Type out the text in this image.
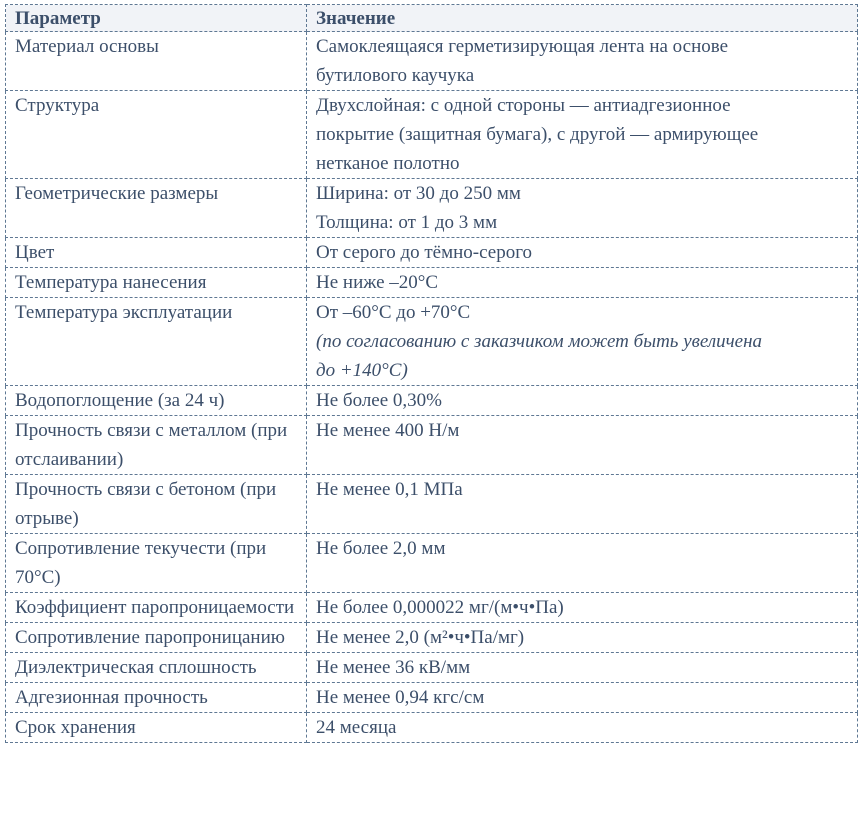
Параметр	Значение
Материал основы	Самоклеящаяся герметизирующая лента на основе
бутилового каучука

Структура	Двухслойная: с одной стороны — антиадгезионное
покрытие (защитная бумага), с другой — армирующее
нетканое полотно

Геометрические размеры	Ширина: от 30 до 250 мм
Толщина: от 1 до 3 мм

Цвет	От серого до тёмно-серого

Температура нанесения	Не ниже –20°С

Температура эксплуатации	От –60°С до +70°С
(по согласованию с заказчиком может быть увеличена
до +140°С)

Водопоглощение (за 24 ч)	Не более 0,30%

Прочность связи с металлом (при отслаивании)	Не менее 400 Н/м

Прочность связи с бетоном (при отрыве)	Не менее 0,1 МПа

Сопротивление текучести (при 70°С)	Не более 2,0 мм

Коэффициент паропроницаемости	Не более 0,000022 мг/(м•ч•Па)

Сопротивление паропроницанию	Не менее 2,0 (м²•ч•Па/мг)

Диэлектрическая сплошность	Не менее 36 кВ/мм

Адгезионная прочность	Не менее 0,94 кгс/см

Срок хранения	24 месяца
